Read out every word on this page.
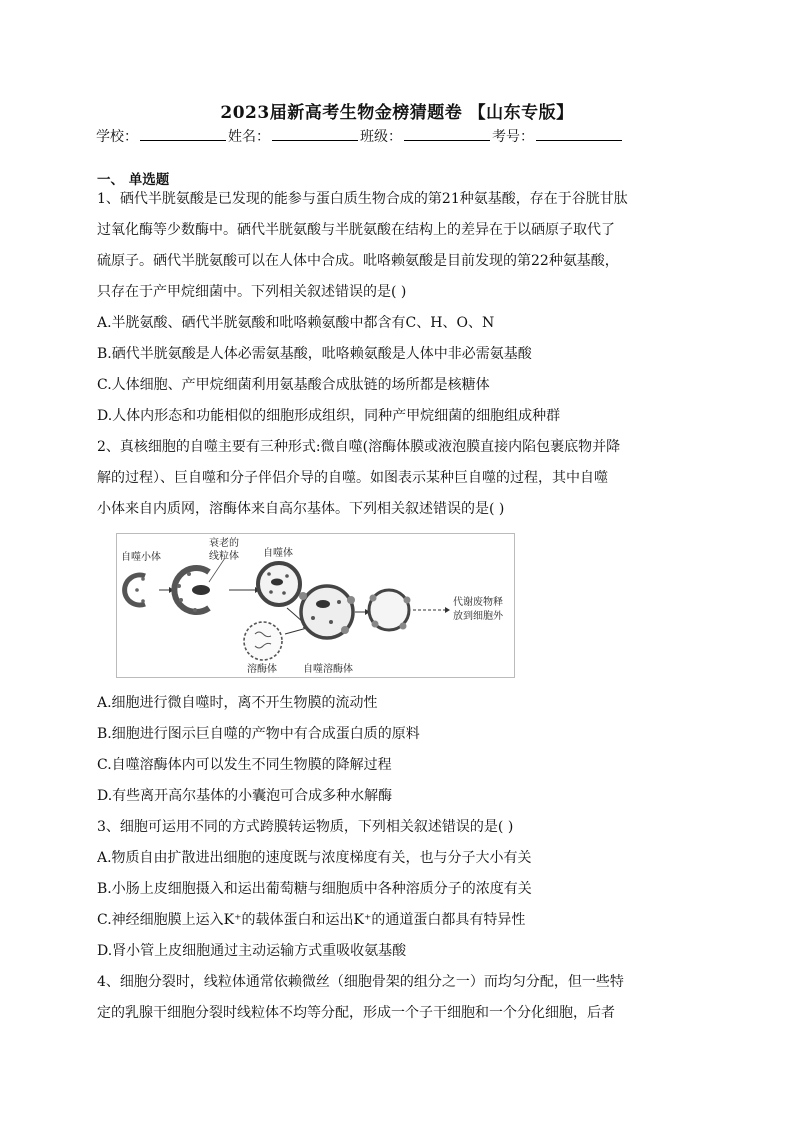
2023届新高考生物金榜猜题卷 【山东专版】
学校：	姓名：	班级：	考号：
一、 单选题
1、硒代半胱氨酸是已发现的能参与蛋白质生物合成的第21种氨基酸，存在于谷胱甘肽
过氧化酶等少数酶中。硒代半胱氨酸与半胱氨酸在结构上的差异在于以硒原子取代了
硫原子。硒代半胱氨酸可以在人体中合成。吡咯赖氨酸是目前发现的第22种氨基酸，
只存在于产甲烷细菌中。下列相关叙述错误的是( )
A.半胱氨酸、硒代半胱氨酸和吡咯赖氨酸中都含有C、H、O、N
B.硒代半胱氨酸是人体必需氨基酸，吡咯赖氨酸是人体中非必需氨基酸
C.人体细胞、产甲烷细菌利用氨基酸合成肽链的场所都是核糖体
D.人体内形态和功能相似的细胞形成组织，同种产甲烷细菌的细胞组成种群
2、真核细胞的自噬主要有三种形式:微自噬(溶酶体膜或液泡膜直接内陷包裹底物并降
解的过程）、巨自噬和分子伴侣介导的自噬。如图表示某种巨自噬的过程，其中自噬
小体来自内质网，溶酶体来自高尔基体。下列相关叙述错误的是( )
自噬小体
衰老的
线粒体 自噬体
溶酶体	自噬溶酶体
代谢废物释
放到细胞外
A.细胞进行微自噬时，离不开生物膜的流动性
B.细胞进行图示巨自噬的产物中有合成蛋白质的原料
C.自噬溶酶体内可以发生不同生物膜的降解过程
D.有些离开高尔基体的小囊泡可合成多种水解酶
3、细胞可运用不同的方式跨膜转运物质，下列相关叙述错误的是( )
A.物质自由扩散进出细胞的速度既与浓度梯度有关，也与分子大小有关
B.小肠上皮细胞摄入和运出葡萄糖与细胞质中各种溶质分子的浓度有关
C.神经细胞膜上运入K⁺的载体蛋白和运出K⁺的通道蛋白都具有特异性
D.肾小管上皮细胞通过主动运输方式重吸收氨基酸
4、细胞分裂时，线粒体通常依赖微丝（细胞骨架的组分之一）而均匀分配，但一些特
定的乳腺干细胞分裂时线粒体不均等分配，形成一个子干细胞和一个分化细胞，后者
